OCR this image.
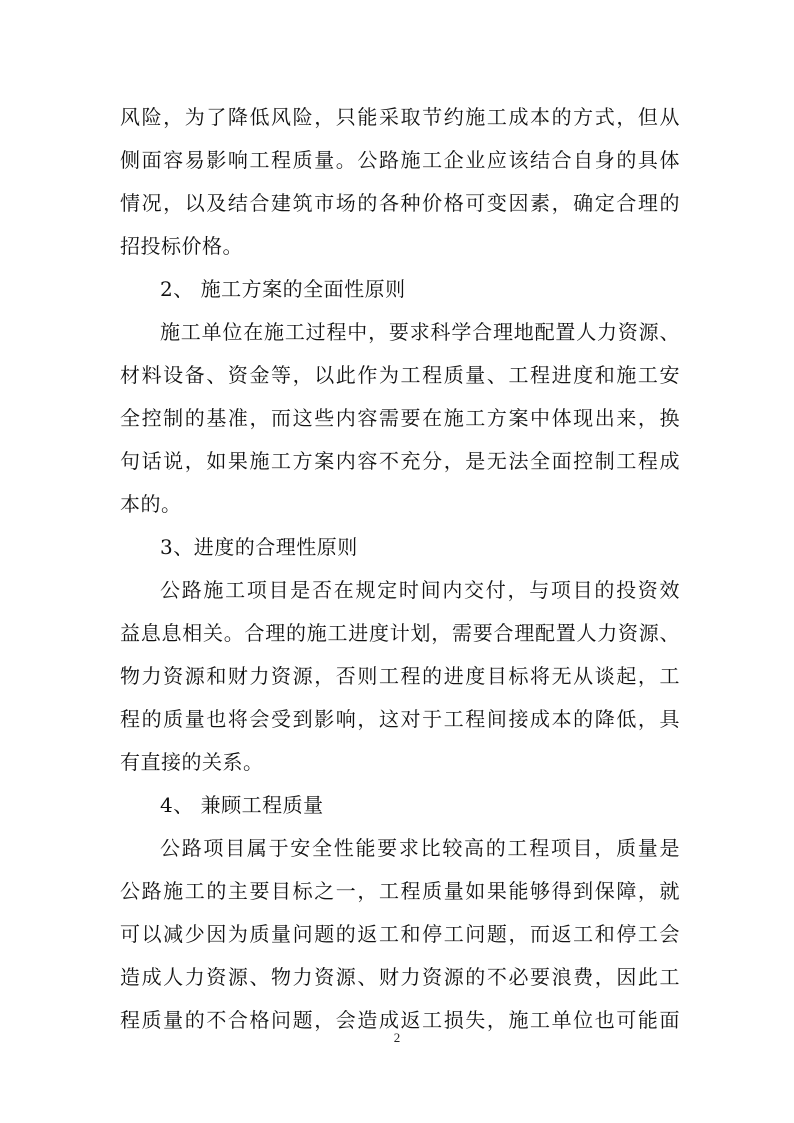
风险，为了降低风险，只能采取节约施工成本的方式，但从
侧面容易影响工程质量。公路施工企业应该结合自身的具体
情况，以及结合建筑市场的各种价格可变因素，确定合理的
招投标价格。
2、 施工方案的全面性原则
施工单位在施工过程中，要求科学合理地配置人力资源、
材料设备、资金等，以此作为工程质量、工程进度和施工安
全控制的基准，而这些内容需要在施工方案中体现出来，换
句话说，如果施工方案内容不充分，是无法全面控制工程成
本的。
3、进度的合理性原则
公路施工项目是否在规定时间内交付，与项目的投资效
益息息相关。合理的施工进度计划，需要合理配置人力资源、
物力资源和财力资源，否则工程的进度目标将无从谈起，工
程的质量也将会受到影响，这对于工程间接成本的降低，具
有直接的关系。
4、 兼顾工程质量
公路项目属于安全性能要求比较高的工程项目，质量是
公路施工的主要目标之一，工程质量如果能够得到保障，就
可以减少因为质量问题的返工和停工问题，而返工和停工会
造成人力资源、物力资源、财力资源的不必要浪费，因此工
程质量的不合格问题，会造成返工损失，施工单位也可能面
2
